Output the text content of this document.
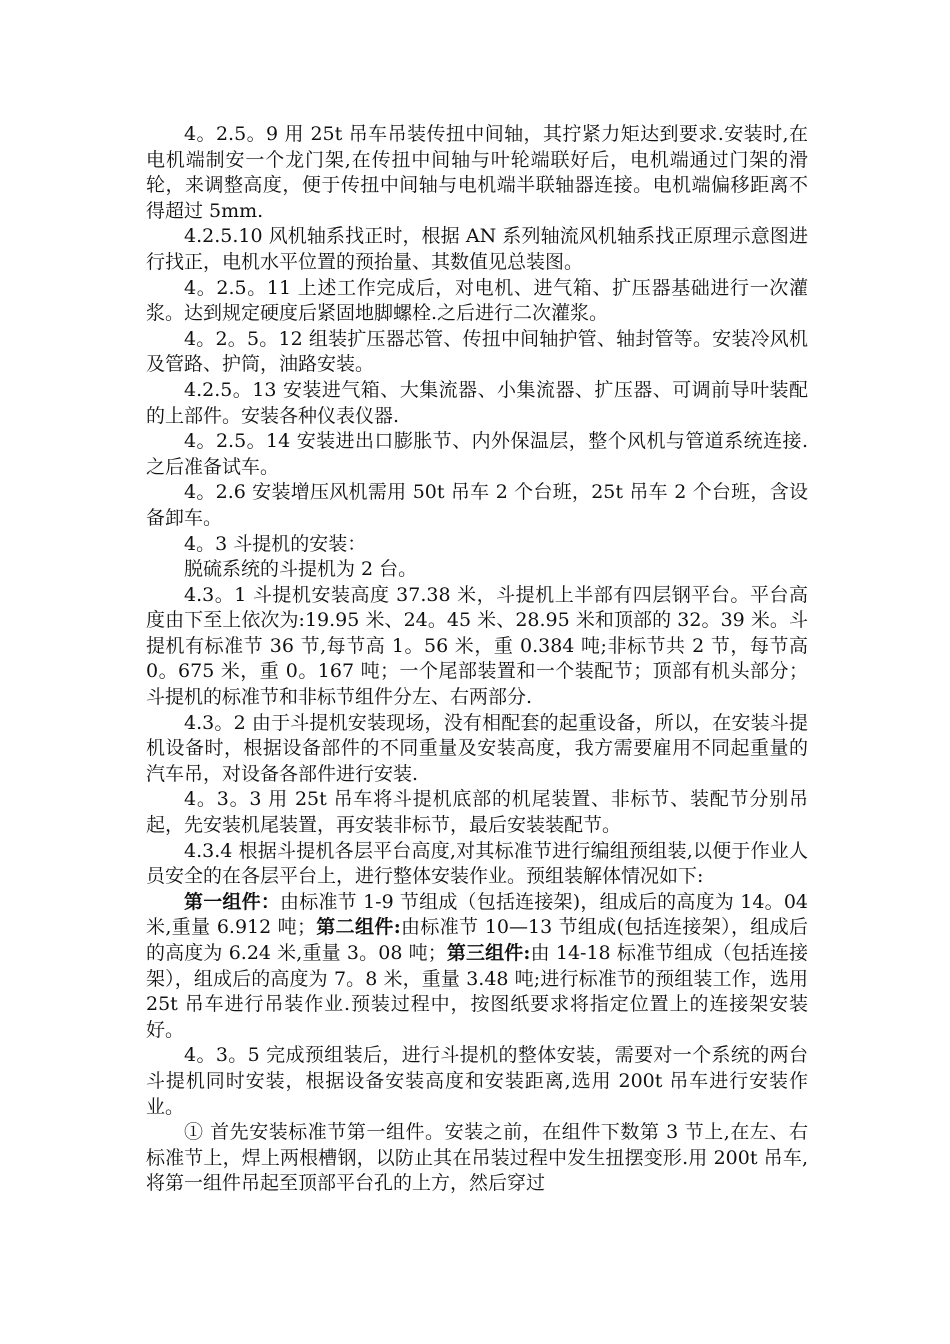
4。2.5。9 用 25t 吊车吊装传扭中间轴，其拧紧力矩达到要求.安装时,在电机端制安一个龙门架,在传扭中间轴与叶轮端联好后，电机端通过门架的滑轮，来调整高度，便于传扭中间轴与电机端半联轴器连接。电机端偏移距离不得超过 5mm.

4.2.5.10 风机轴系找正时，根据 AN 系列轴流风机轴系找正原理示意图进行找正，电机水平位置的预抬量、其数值见总装图。

4。2.5。11 上述工作完成后，对电机、进气箱、扩压器基础进行一次灌浆。达到规定硬度后紧固地脚螺栓.之后进行二次灌浆。

4。2。5。12 组装扩压器芯管、传扭中间轴护管、轴封管等。安装冷风机及管路、护筒，油路安装。

4.2.5。13 安装进气箱、大集流器、小集流器、扩压器、可调前导叶装配的上部件。安装各种仪表仪器.

4。2.5。14 安装进出口膨胀节、内外保温层，整个风机与管道系统连接.之后准备试车。

4。2.6 安装增压风机需用 50t 吊车 2 个台班，25t 吊车 2 个台班，含设备卸车。

4。3 斗提机的安装：

脱硫系统的斗提机为 2 台。

4.3。1 斗提机安装高度 37.38 米，斗提机上半部有四层钢平台。平台高度由下至上依次为:19.95 米、24。45 米、28.95 米和顶部的 32。39 米。斗提机有标准节 36 节,每节高 1。56 米，重 0.384 吨;非标节共 2 节，每节高 0。675 米，重 0。167 吨；一个尾部装置和一个装配节；顶部有机头部分；斗提机的标准节和非标节组件分左、右两部分.

4.3。2 由于斗提机安装现场，没有相配套的起重设备，所以，在安装斗提机设备时，根据设备部件的不同重量及安装高度，我方需要雇用不同起重量的汽车吊，对设备各部件进行安装.

4。3。3 用 25t 吊车将斗提机底部的机尾装置、非标节、装配节分别吊起，先安装机尾装置，再安装非标节，最后安装装配节。

4.3.4 根据斗提机各层平台高度,对其标准节进行编组预组装,以便于作业人员安全的在各层平台上，进行整体安装作业。预组装解体情况如下:

第一组件：由标准节 1-9 节组成（包括连接架)，组成后的高度为 14。04 米,重量 6.912 吨；第二组件:由标准节 10—13 节组成(包括连接架），组成后的高度为 6.24 米,重量 3。08 吨；第三组件:由 14-18 标准节组成（包括连接架），组成后的高度为 7。8 米，重量 3.48 吨;进行标准节的预组装工作，选用 25t 吊车进行吊装作业.预装过程中，按图纸要求将指定位置上的连接架安装好。

4。3。5 完成预组装后，进行斗提机的整体安装，需要对一个系统的两台斗提机同时安装，根据设备安装高度和安装距离,选用 200t 吊车进行安装作业。

① 首先安装标准节第一组件。安装之前，在组件下数第 3 节上,在左、右标准节上，焊上两根槽钢，以防止其在吊装过程中发生扭摆变形.用 200t 吊车,将第一组件吊起至顶部平台孔的上方，然后穿过
